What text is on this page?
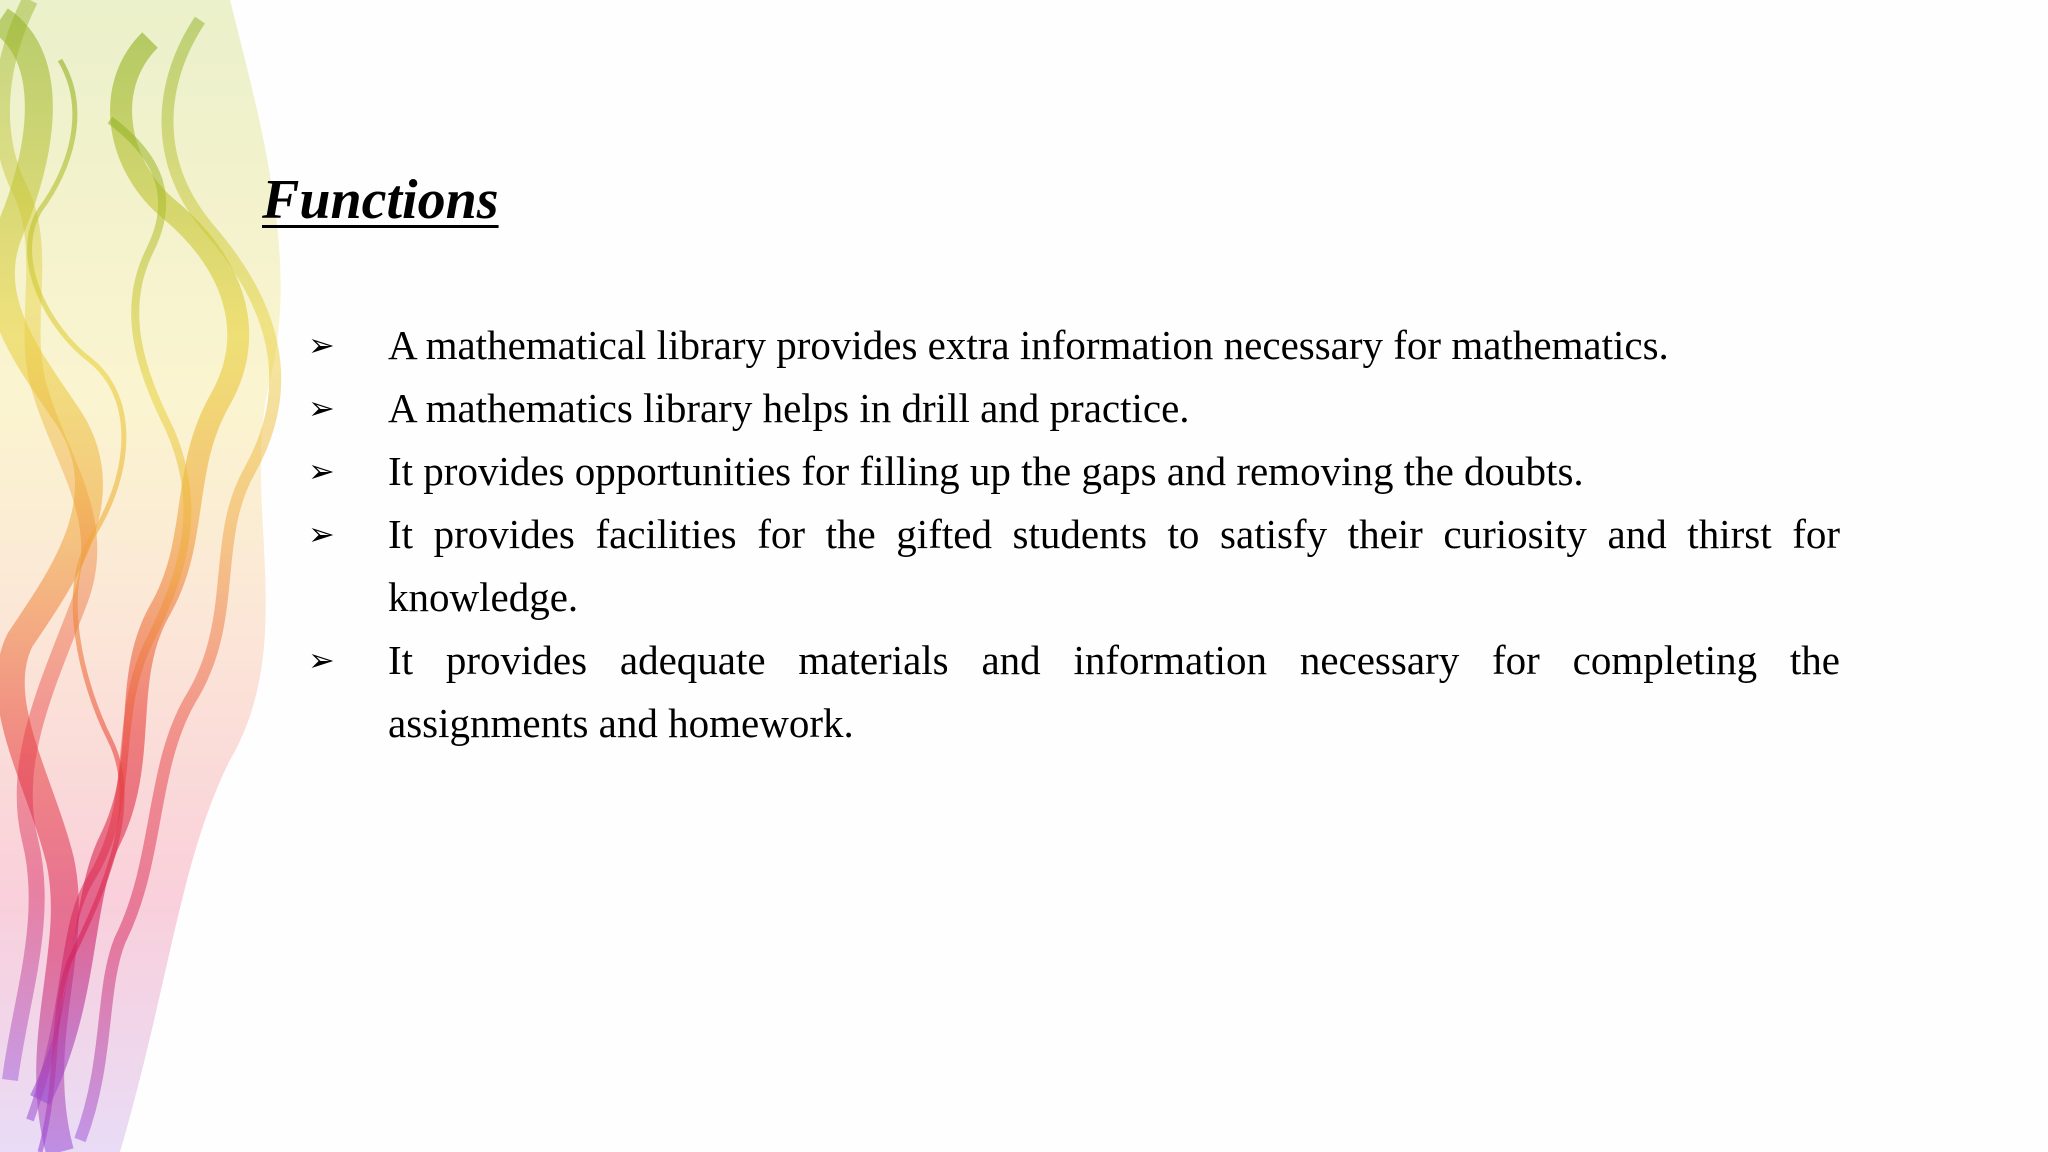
Functions
➢	A mathematical library provides extra information necessary for mathematics.
➢	A mathematics library helps in drill and practice.
➢	It provides opportunities for filling up the gaps and removing the doubts.
➢	It provides facilities for the gifted students to satisfy their curiosity and thirst for knowledge.
➢	It provides adequate materials and information necessary for completing the assignments and homework.
